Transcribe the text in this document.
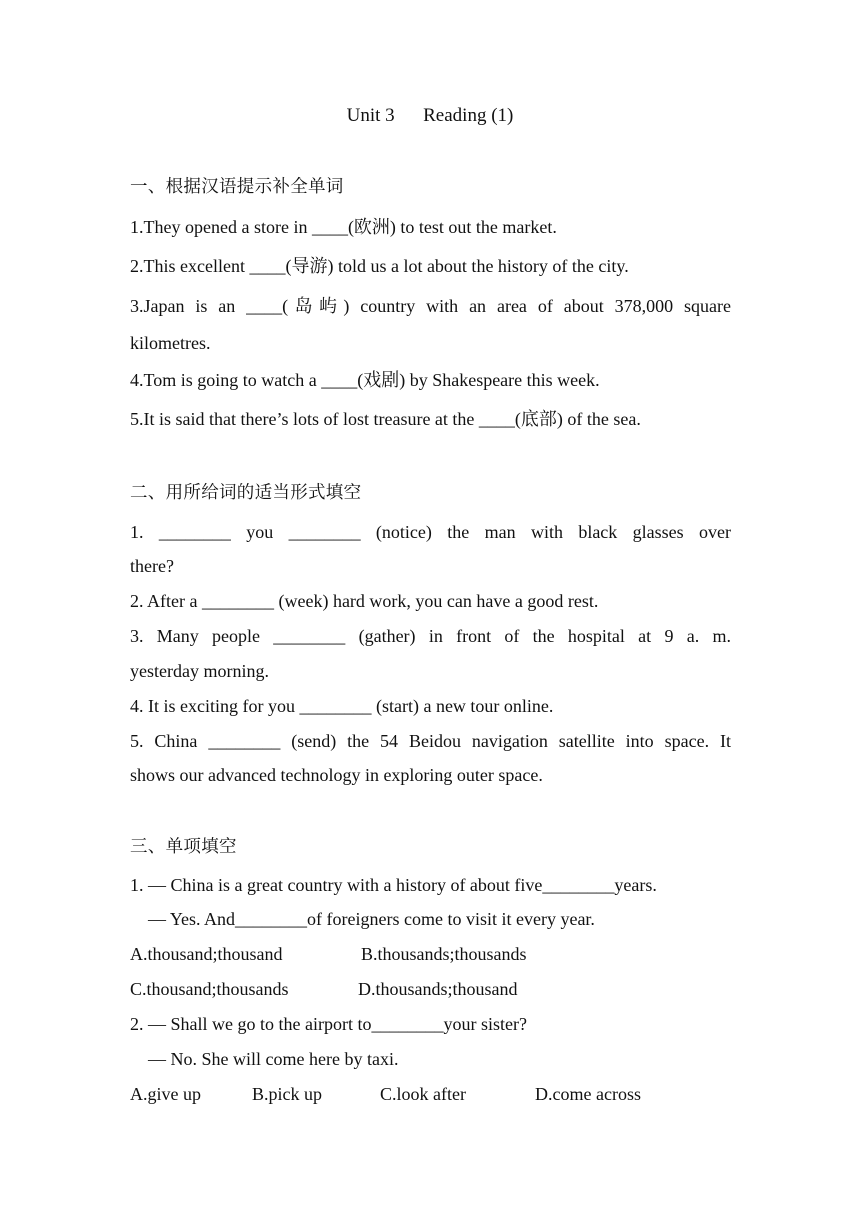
Unit 3      Reading (1)
一、根据汉语提示补全单词
1.They opened a store in ____(欧洲) to test out the market.
2.This excellent ____(导游) told us a lot about the history of the city.
3.Japan is an ____(岛屿) country with an area of about 378,000 square
kilometres.
4.Tom is going to watch a ____(戏剧) by Shakespeare this week.
5.It is said that there’s lots of lost treasure at the ____(底部) of the sea.
二、用所给词的适当形式填空
1. ________ you ________ (notice) the man with black glasses over
there?
2. After a ________ (week) hard work, you can have a good rest.
3. Many people ________ (gather) in front of the hospital at 9 a. m.
yesterday morning.
4. It is exciting for you ________ (start) a new tour online.
5. China ________ (send) the 54 Beidou navigation satellite into space. It
shows our advanced technology in exploring outer space.
三、单项填空
1. — China is a great country with a history of about five________years.
— Yes. And________of foreigners come to visit it every year.
A.thousand;thousand	B.thousands;thousands
C.thousand;thousands	D.thousands;thousand
2. — Shall we go to the airport to________your sister?
— No. She will come here by taxi.
A.give up	B.pick up	C.look after	D.come across
